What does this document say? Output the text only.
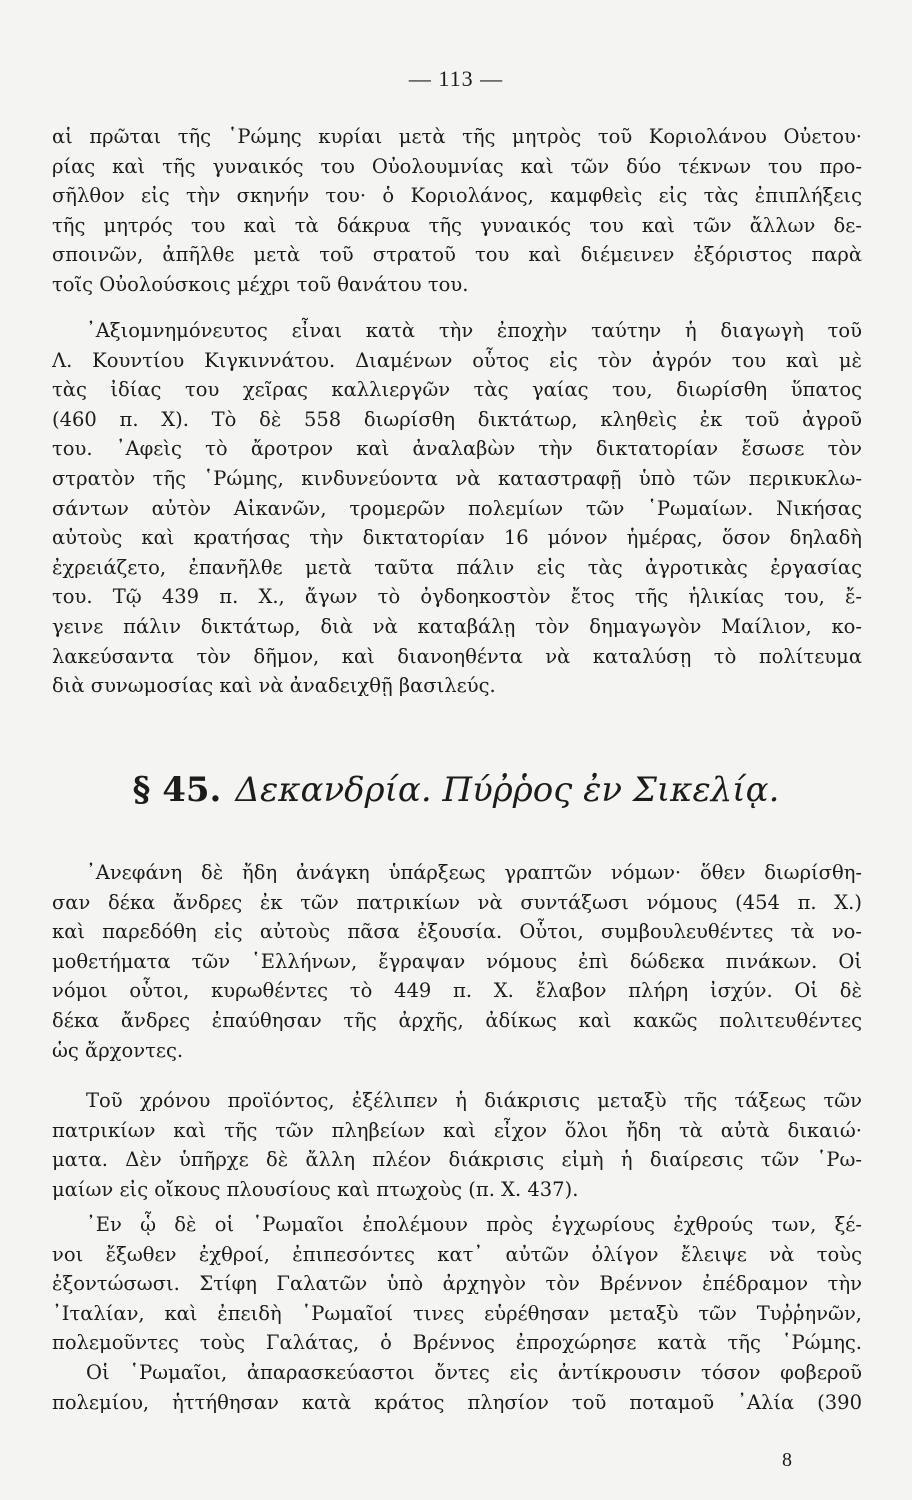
— 113 —
αἱ πρῶται τῆς ῾Ρώμης κυρίαι μετὰ τῆς μητρὸς τοῦ Κοριολάνου Οὐετου·
ρίας καὶ τῆς γυναικός του Οὐολουμνίας καὶ τῶν δύο τέκνων του προ-
σῆλθον εἰς τὴν σκηνήν του· ὁ Κοριολάνος, καμφθεὶς εἰς τὰς ἐπιπλήξεις
τῆς μητρός του καὶ τὰ δάκρυα τῆς γυναικός του καὶ τῶν ἄλλων δε-
σποινῶν, ἀπῆλθε μετὰ τοῦ στρατοῦ του καὶ διέμεινεν ἐξόριστος παρὰ
τοῖς Οὐολούσκοις μέχρι τοῦ θανάτου του.
᾿Αξιομνημόνευτος εἶναι κατὰ τὴν ἐποχὴν ταύτην ἡ διαγωγὴ τοῦ
Λ. Κουντίου Κιγκιννάτου. Διαμένων οὗτος εἰς τὸν ἀγρόν του καὶ μὲ
τὰς ἰδίας του χεῖρας καλλιεργῶν τὰς γαίας του, διωρίσθη ὕπατος
(460 π. Χ). Τὸ δὲ 558 διωρίσθη δικτάτωρ, κληθεὶς ἐκ τοῦ ἀγροῦ
του. ᾿Αφεὶς τὸ ἄροτρον καὶ ἀναλαβὼν τὴν δικτατορίαν ἔσωσε τὸν
στρατὸν τῆς ῾Ρώμης, κινδυνεύοντα νὰ καταστραφῇ ὑπὸ τῶν περικυκλω-
σάντων αὐτὸν Αἰκανῶν, τρομερῶν πολεμίων τῶν ῾Ρωμαίων. Νικήσας
αὐτοὺς καὶ κρατήσας τὴν δικτατορίαν 16 μόνον ἡμέρας, ὅσον δηλαδὴ
ἐχρειάζετο, ἐπανῆλθε μετὰ ταῦτα πάλιν εἰς τὰς ἀγροτικὰς ἐργασίας
του. Τῷ 439 π. Χ., ἄγων τὸ ὀγδοηκοστὸν ἔτος τῆς ἡλικίας του, ἔ-
γεινε πάλιν δικτάτωρ, διὰ νὰ καταβάλῃ τὸν δημαγωγὸν Μαίλιον, κο-
λακεύσαντα τὸν δῆμον, καὶ διανοηθέντα νὰ καταλύσῃ τὸ πολίτευμα
διὰ συνωμοσίας καὶ νὰ ἀναδειχθῇ βασιλεύς.
§ 45. Δεκανδρία. Πύῤῥος ἐν Σικελίᾳ.
᾿Ανεφάνη δὲ ἤδη ἀνάγκη ὑπάρξεως γραπτῶν νόμων· ὅθεν διωρίσθη-
σαν δέκα ἄνδρες ἐκ τῶν πατρικίων νὰ συντάξωσι νόμους (454 π. Χ.)
καὶ παρεδόθη εἰς αὐτοὺς πᾶσα ἐξουσία. Οὗτοι, συμβουλευθέντες τὰ νο-
μοθετήματα τῶν ῾Ελλήνων, ἔγραψαν νόμους ἐπὶ δώδεκα πινάκων. Οἱ
νόμοι οὗτοι, κυρωθέντες τὸ 449 π. Χ. ἔλαβον πλήρη ἰσχύν. Οἱ δὲ
δέκα ἄνδρες ἐπαύθησαν τῆς ἀρχῆς, ἀδίκως καὶ κακῶς πολιτευθέντες
ὡς ἄρχοντες.
Τοῦ χρόνου προϊόντος, ἐξέλιπεν ἡ διάκρισις μεταξὺ τῆς τάξεως τῶν
πατρικίων καὶ τῆς τῶν πληβείων καὶ εἶχον ὅλοι ἤδη τὰ αὐτὰ δικαιώ·
ματα. Δὲν ὑπῆρχε δὲ ἄλλη πλέον διάκρισις εἰμὴ ἡ διαίρεσις τῶν ῾Ρω-
μαίων εἰς οἴκους πλουσίους καὶ πτωχοὺς (π. Χ. 437).
᾿Εν ᾧ δὲ οἱ ῾Ρωμαῖοι ἐπολέμουν πρὸς ἐγχωρίους ἐχθρούς των, ξέ-
νοι ἔξωθεν ἐχθροί, ἐπιπεσόντες κατ᾽ αὐτῶν ὀλίγον ἔλειψε νὰ τοὺς
ἐξοντώσωσι. Στίφη Γαλατῶν ὑπὸ ἀρχηγὸν τὸν Βρέννον ἐπέδραμον τὴν
᾿Ιταλίαν, καὶ ἐπειδὴ ῾Ρωμαῖοί τινες εὑρέθησαν μεταξὺ τῶν Τυῤῥηνῶν,
πολεμοῦντες τοὺς Γαλάτας, ὁ Βρέννος ἐπροχώρησε κατὰ τῆς ῾Ρώμης.
Οἱ ῾Ρωμαῖοι, ἀπαρασκεύαστοι ὄντες εἰς ἀντίκρουσιν τόσον φοβεροῦ
πολεμίου, ἡττήθησαν κατὰ κράτος πλησίον τοῦ ποταμοῦ ᾿Αλία (390
8
